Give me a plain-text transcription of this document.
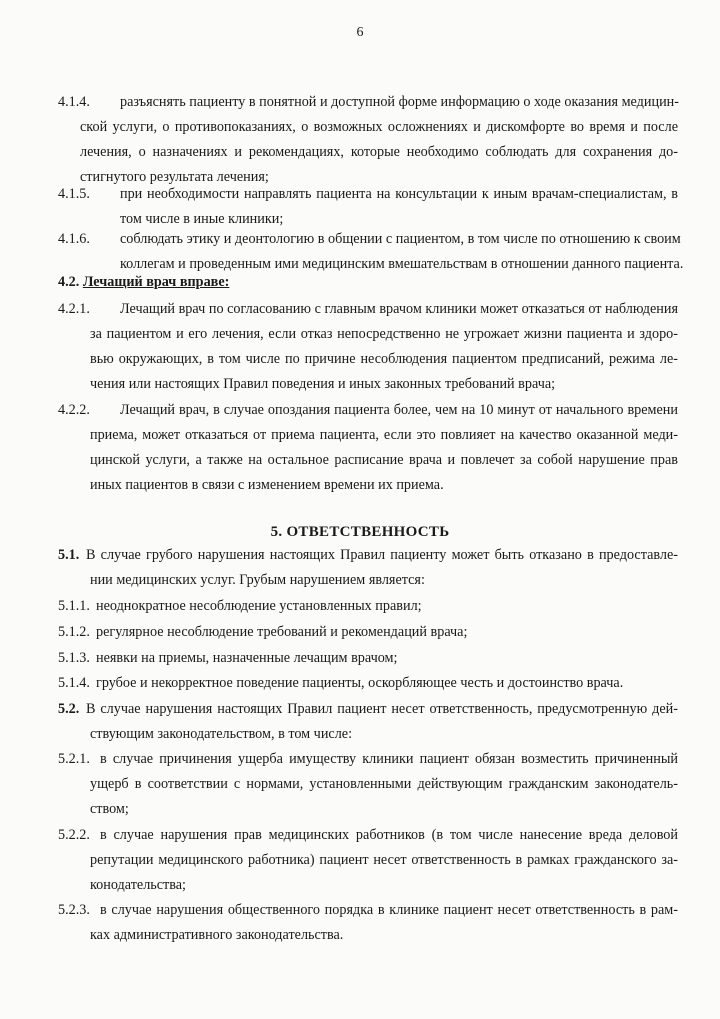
6
4.1.4. разъяснять пациенту в понятной и доступной форме информацию о ходе оказания медицин-
ской услуги, о противопоказаниях, о возможных осложнениях и дискомфорте во время и после
лечения, о назначениях и рекомендациях, которые необходимо соблюдать для сохранения до-
стигнутого результата лечения;
4.1.5. при необходимости направлять пациента на консультации к иным врачам-специалистам, в
том числе в иные клиники;
4.1.6. соблюдать этику и деонтологию в общении с пациентом, в том числе по отношению к своим
коллегам и проведенным ими медицинским вмешательствам в отношении данного пациента.
4.2. Лечащий врач вправе:
4.2.1. Лечащий врач по согласованию с главным врачом клиники может отказаться от наблюдения
за пациентом и его лечения, если отказ непосредственно не угрожает жизни пациента и здоро-
вью окружающих, в том числе по причине несоблюдения пациентом предписаний, режима ле-
чения или настоящих Правил поведения и иных законных требований врача;
4.2.2. Лечащий врач, в случае опоздания пациента более, чем на 10 минут от начального времени
приема, может отказаться от приема пациента, если это повлияет на качество оказанной меди-
цинской услуги, а также на остальное расписание врача и повлечет за собой нарушение прав
иных пациентов в связи с изменением времени их приема.
5. ОТВЕТСТВЕННОСТЬ
5.1. В случае грубого нарушения настоящих Правил пациенту может быть отказано в предоставле-
нии медицинских услуг. Грубым нарушением является:
5.1.1. неоднократное несоблюдение установленных правил;
5.1.2. регулярное несоблюдение требований и рекомендаций врача;
5.1.3. неявки на приемы, назначенные лечащим врачом;
5.1.4. грубое и некорректное поведение пациенты, оскорбляющее честь и достоинство врача.
5.2. В случае нарушения настоящих Правил пациент несет ответственность, предусмотренную дей-
ствующим законодательством, в том числе:
5.2.1. в случае причинения ущерба имуществу клиники пациент обязан возместить причиненный
ущерб в соответствии с нормами, установленными действующим гражданским законодатель-
ством;
5.2.2. в случае нарушения прав медицинских работников (в том числе нанесение вреда деловой
репутации медицинского работника) пациент несет ответственность в рамках гражданского за-
конодательства;
5.2.3. в случае нарушения общественного порядка в клинике пациент несет ответственность в рам-
ках административного законодательства.
